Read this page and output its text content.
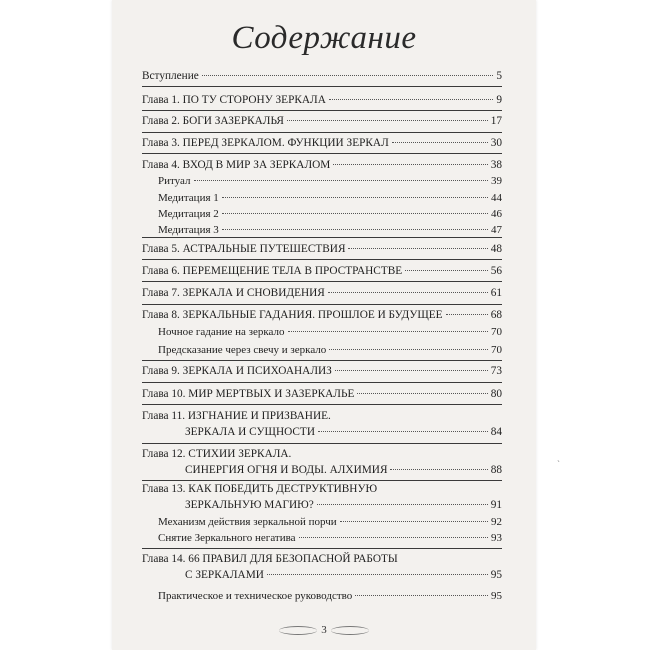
Содержание
Вступление	5
Глава 1. ПО ТУ СТОРОНУ ЗЕРКАЛА	9
Глава 2. БОГИ ЗАЗЕРКАЛЬЯ	17
Глава 3. ПЕРЕД ЗЕРКАЛОМ. ФУНКЦИИ ЗЕРКАЛ	30
Глава 4. ВХОД В МИР ЗА ЗЕРКАЛОМ	38
Ритуал	39
Медитация 1	44
Медитация 2	46
Медитация 3	47
Глава 5. АСТРАЛЬНЫЕ ПУТЕШЕСТВИЯ	48
Глава 6. ПЕРЕМЕЩЕНИЕ ТЕЛА В ПРОСТРАНСТВЕ	56
Глава 7. ЗЕРКАЛА И СНОВИДЕНИЯ	61
Глава 8. ЗЕРКАЛЬНЫЕ ГАДАНИЯ. ПРОШЛОЕ И БУДУЩЕЕ	68
Ночное гадание на зеркало	70
Предсказание через свечу и зеркало	70
Глава 9. ЗЕРКАЛА И ПСИХОАНАЛИЗ	73
Глава 10. МИР МЕРТВЫХ И ЗАЗЕРКАЛЬЕ	80
Глава 11. ИЗГНАНИЕ И ПРИЗВАНИЕ.
ЗЕРКАЛА И СУЩНОСТИ	84
Глава 12. СТИХИИ ЗЕРКАЛА.
СИНЕРГИЯ ОГНЯ И ВОДЫ. АЛХИМИЯ	88
Глава 13. КАК ПОБЕДИТЬ ДЕСТРУКТИВНУЮ
ЗЕРКАЛЬНУЮ МАГИЮ?	91
Механизм действия зеркальной порчи	92
Снятие Зеркального негатива	93
Глава 14. 66 ПРАВИЛ ДЛЯ БЕЗОПАСНОЙ РАБОТЫ
С ЗЕРКАЛАМИ	95
Практическое и техническое руководство	95
ˎ
3
